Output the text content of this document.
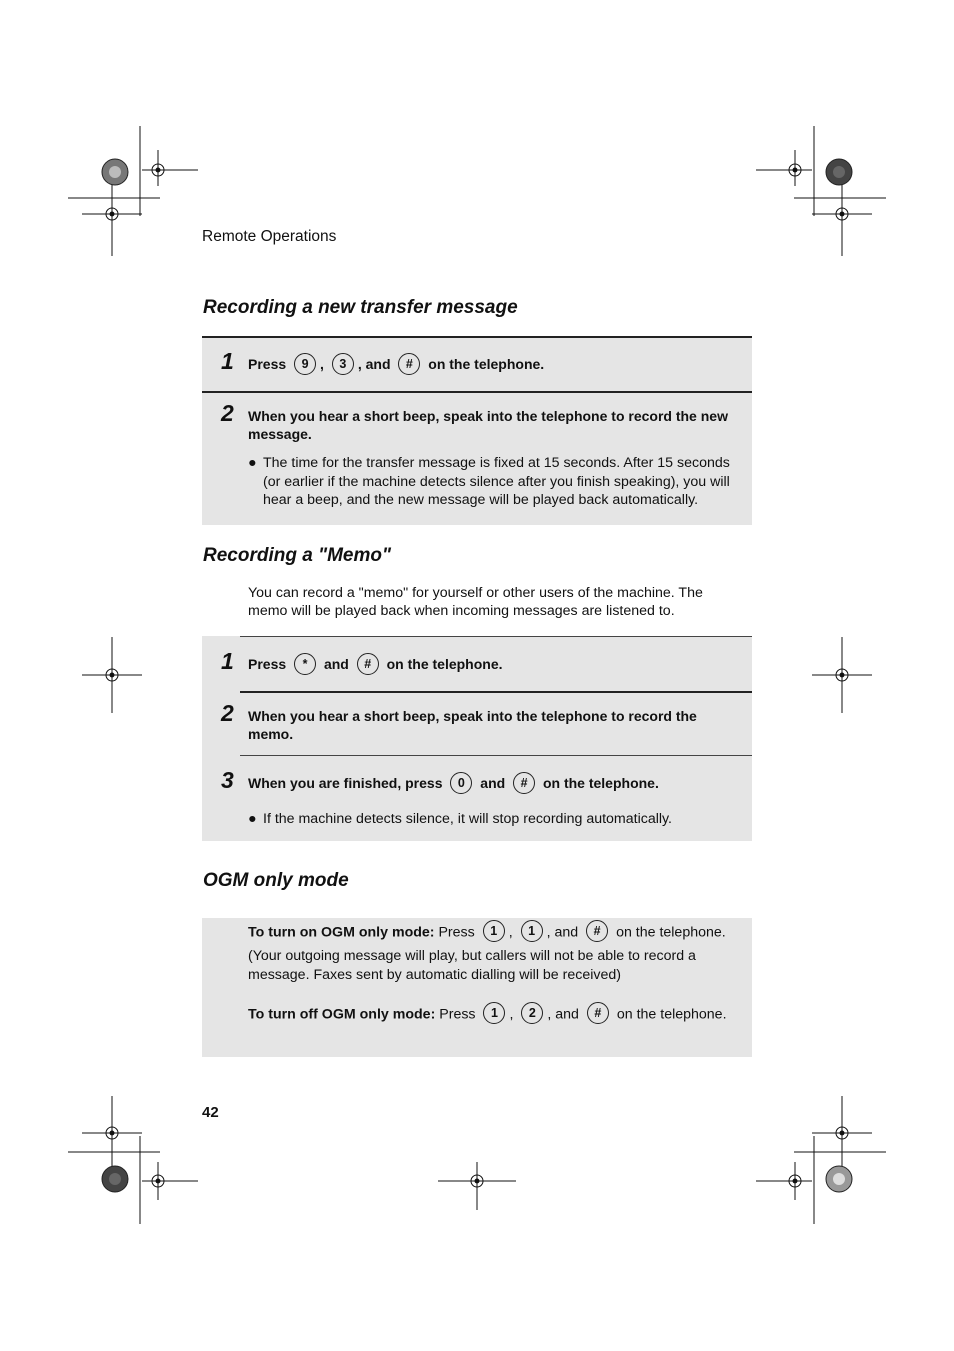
Remote Operations
Recording a new transfer message
1 Press 9 , 3 , and # on the telephone.
2 When you hear a short beep, speak into the telephone to record the new message.
● The time for the transfer message is fixed at 15 seconds. After 15 seconds (or earlier if the machine detects silence after you finish speaking), you will hear a beep, and the new message will be played back automatically.
Recording a "Memo"
You can record a "memo" for yourself or other users of the machine. The memo will be played back when incoming messages are listened to.
1 Press * and # on the telephone.
2 When you hear a short beep, speak into the telephone to record the memo.
3 When you are finished, press 0 and # on the telephone.
● If the machine detects silence, it will stop recording automatically.
OGM only mode
To turn on OGM only mode: Press 1 , 1 , and # on the telephone.
(Your outgoing message will play, but callers will not be able to record a message. Faxes sent by automatic dialling will be received)
To turn off OGM only mode: Press 1 , 2 , and # on the telephone.
42
